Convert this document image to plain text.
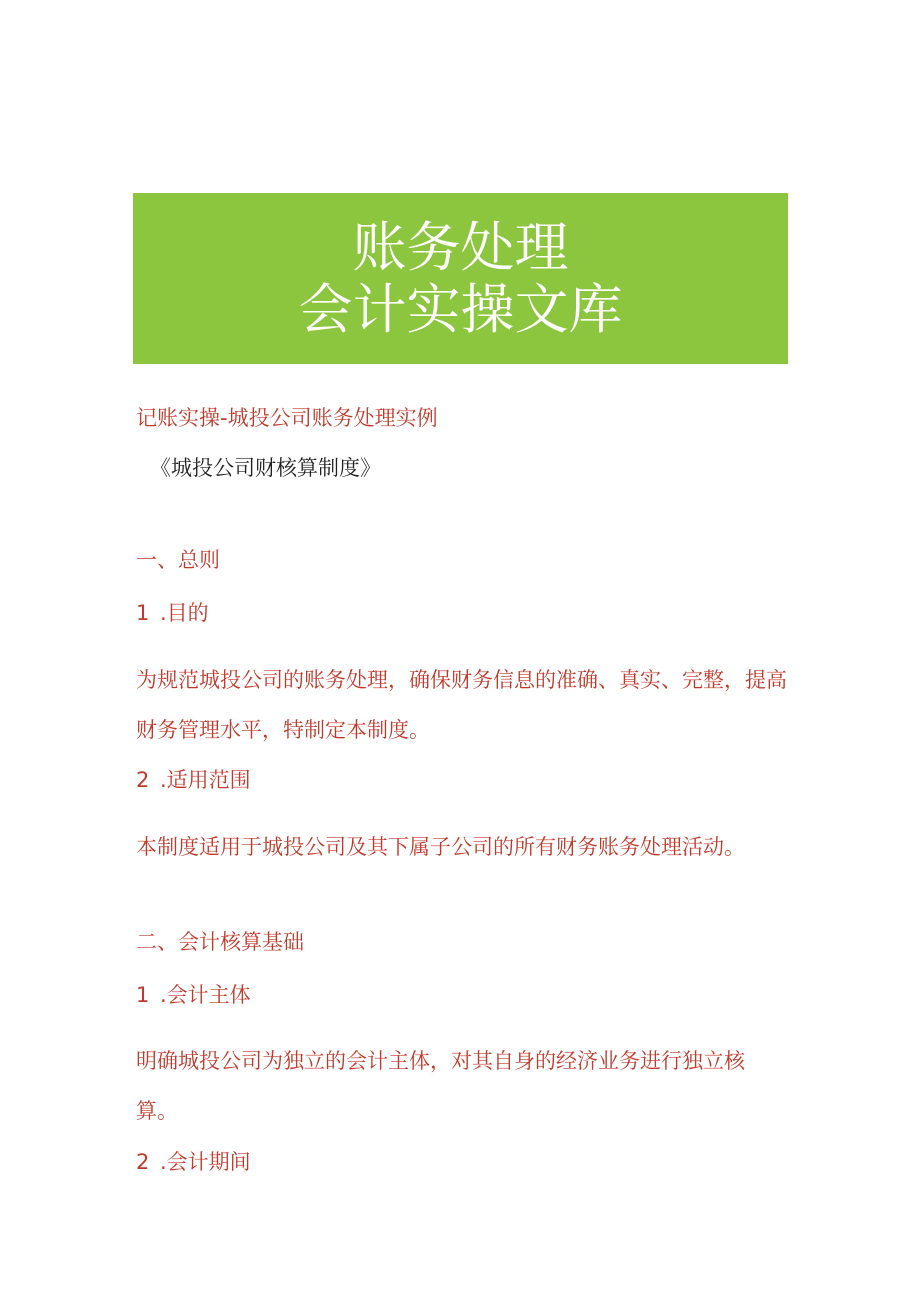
账务处理
会计实操文库
记账实操-城投公司账务处理实例
《城投公司财核算制度》
一、总则
1 .目的
为规范城投公司的账务处理，确保财务信息的准确、真实、完整，提高财务管理水平，特制定本制度。
2 .适用范围
本制度适用于城投公司及其下属子公司的所有财务账务处理活动。
二、会计核算基础
1 .会计主体
明确城投公司为独立的会计主体，对其自身的经济业务进行独立核算。
2 .会计期间
